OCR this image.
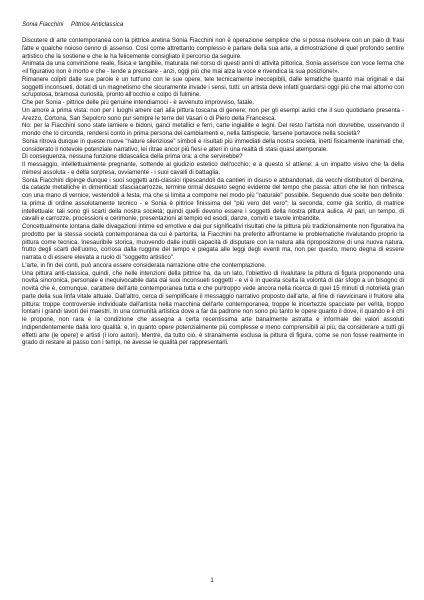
Sonia Fiacchini Pittrice Anticlassica

Discutere di arte contemporanea con la pittrice aretina Sonia Fiacchini non è operazione semplice che si possa risolvere con un paio di frasi fatte e qualche noioso cenno di assenso. Così come attrettanto complesso è parlare della sua arte, a dimostrazione di quel profondo sentire artistico che la sostiene e che le ha felicemente consigliato il percorso da seguire.

Animata da una convinzione reale, fisica e tangibile, maturata nel corso di questi anni di attività pittorica, Sonia asserisce con voce ferma che «il figurativo non è morto e che - tende a precisare - anzi, oggi più che mai alza la voce e rivendica la sua posizione!».

Rimanere colpiti dalle sue parole è un tutt'uno con le sue opere, tele tecnicamente ineccepibili, dalle tematiche quanto mai originali e dai soggetti inconsueti, dotati di un magnetismo che sicuramente invade i sensi, tutti: un artista deve infatti guardarsi oggi più che mai attorno con scrupolosa, bramosa curiosità, pronto all'occhio e colpo di fulmine.

Che per Sonia - pittrice delle più genuine intendiamoci - è avvenuto improvviso, fatale.

Un amore a prima vista: non per i luoghi ameni cari alla pittura toscana di genere; non per gli esempi aulici che il suo quotidiano presenta - Arezzo, Cortona, San Sepolcro sono pur sempre le terre del Vasari o di Piero della Francesca.

No: per la Fiacchini sono state lamiere e bidoni, ganci metallici e ferri, carte ingiallite e legni. Del resto l'artista non dovrebbe, osservando il mondo che lo circonda, rendersi conto in prima persona dei cambiamenti e, nella fattispecie, farsene portavoce nella società?

Sonia ritrova dunque in queste nuove "nature silenziose" simboli e risultati più immediati della nostra società, inerti fisicamente inanimati che, considerato il notevole potenziale narrativo, lei ritrae ancor più fiesi e alteri in una realtà di stasi quasi atemporale.

Di conseguenza, nessuna funzione didascalica della prima ora: a che servirebbe?

Il messaggio, intellettualmente pregnante, sottende al giudizio estetico dell'occhio; e a questo si attiene: a un impatto visivo che fa della mimesi assoluta - e della sorpresa, ovviamente - i suoi cavalli di battaglia.

Sonia Fiacchini dipinge dunque i suoi soggetti anti-classici ripescandoli da cantieri in disuso e abbandonati, da vecchi distributori di benzina, da cataste metalliche in dimenticati sfasciacarrozze, termine ormai desueto segno evidente del tempo che passa: attori che lei non rinfresca con una mano di vernice, vestendoli a festa, ma che si limita a comporre nel modo più "naturale" possibile. Seguendo due scelte ben definite: la prima di ordine assolutamente tecnico - e Sonia è pittrice finissima del "più vero del vero"; la seconda, come già scritto, di matrice intellettuale: tali sono gli scarti della nostra società; quindi quelli devono essere i soggetti della nostra pittura aulica. Al pari, un tempo, di cavalli e carrozze, processioni e cerimonie, presentazioni al tempio ed esodi; danze, conviti e tavole imbandite.

Concettualmente lontana dalle divagazioni intime ed emotive e dai pur significativi risultati che la pittura più tradizionalmente non figurativa ha prodotto per la stessa società contemporanea da cui è partorita, la Fiacchini ha preferito affrontarne le problematiche rivalutando proprio la pittura come tecnica. Inesauribile storica, muovendo dalle inutili capacità di disputare con la natura alla riproposizione di una nuova natura, frutto degli scarti dell'uomo, corrosa dalla ruggine del tempo e piegata alle leggi degli eventi ma, non per questo, meno degna di essere narrata o di essere elevata a ruolo di "soggetto artistico".

L'arte, in fin dei conti, può ancora essere considerata narrazione oltre che contemplazione.

Una pittura anti-classica, quindi, che nelle intenzioni della pittrice ha, da un lato, l'obiettivo di rivalutare la pittura di figura proponendo una novità sincronica, personale e inequivocabile data dai suoi inconsueti soggetti - e vi è in questa scelta la volontà di dar sfogo a un bisogno di novità che è, comunque, carattere dell'arte contemporanea tutta e che purtroppo vede ancora nella ricerca di quei 15 minuti di notorietà gran parte della sua linfa vitale attuale. Dall'altro, cerca di semplificare il messaggio narrativo proposto dall'arte, al fine di riavvicinare il fruitore alla pittura: troppe controversie individuate dall'artista nella macchina dell'arte contemporanea, troppe le incertezze spacciate per verità, troppo lontani i grandi lavori dei maestri. In una comunità artistica dove a far da padrone non sono più tanto le opere quanto il dove, il quando e il chi le propone, non rara è la condizione che assegna a certa recentissima arte banalmente astratta e informale dei valori assoluti indipendentemente dalla loro qualità: e, in quanto opere potenzialmente più complesse e meno comprensibili ai più, da considerare a tutti gli effetti arte (le opere) e artisti (i loro autori). Mentre, da tutto ciò, è stranamente esclusa la pittura di figura, come se non fosse realmente in grado di restare al passo con i tempi, né avesse le qualità per rappresentarli.

1
